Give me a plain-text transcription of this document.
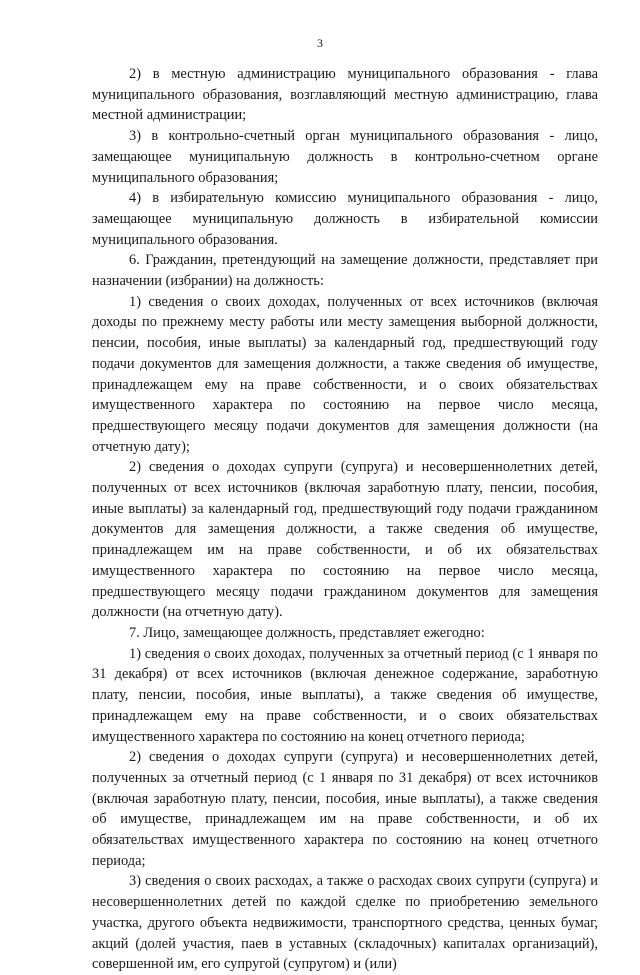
3

2) в местную администрацию муниципального образования - глава муниципального образования, возглавляющий местную администрацию, глава местной администрации;

3) в контрольно-счетный орган муниципального образования - лицо, замещающее муниципальную должность в контрольно-счетном органе муниципального образования;

4) в избирательную комиссию муниципального образования - лицо, замещающее муниципальную должность в избирательной комиссии муниципального образования.

6. Гражданин, претендующий на замещение должности, представляет при назначении (избрании) на должность:

1) сведения о своих доходах, полученных от всех источников (включая доходы по прежнему месту работы или месту замещения выборной должности, пенсии, пособия, иные выплаты) за календарный год, предшествующий году подачи документов для замещения должности, а также сведения об имуществе, принадлежащем ему на праве собственности, и о своих обязательствах имущественного характера по состоянию на первое число месяца, предшествующего месяцу подачи документов для замещения должности (на отчетную дату);

2) сведения о доходах супруги (супруга) и несовершеннолетних детей, полученных от всех источников (включая заработную плату, пенсии, пособия, иные выплаты) за календарный год, предшествующий году подачи гражданином документов для замещения должности, а также сведения об имуществе, принадлежащем им на праве собственности, и об их обязательствах имущественного характера по состоянию на первое число месяца, предшествующего месяцу подачи гражданином документов для замещения должности (на отчетную дату).

7. Лицо, замещающее должность, представляет ежегодно:

1) сведения о своих доходах, полученных за отчетный период (с 1 января по 31 декабря) от всех источников (включая денежное содержание, заработную плату, пенсии, пособия, иные выплаты), а также сведения об имуществе, принадлежащем ему на праве собственности, и о своих обязательствах имущественного характера по состоянию на конец отчетного периода;

2) сведения о доходах супруги (супруга) и несовершеннолетних детей, полученных за отчетный период (с 1 января по 31 декабря) от всех источников (включая заработную плату, пенсии, пособия, иные выплаты), а также сведения об имуществе, принадлежащем им на праве собственности, и об их обязательствах имущественного характера по состоянию на конец отчетного периода;

3) сведения о своих расходах, а также о расходах своих супруги (супруга) и несовершеннолетних детей по каждой сделке по приобретению земельного участка, другого объекта недвижимости, транспортного средства, ценных бумаг, акций (долей участия, паев в уставных (складочных) капиталах организаций), совершенной им, его супругой (супругом) и (или)
